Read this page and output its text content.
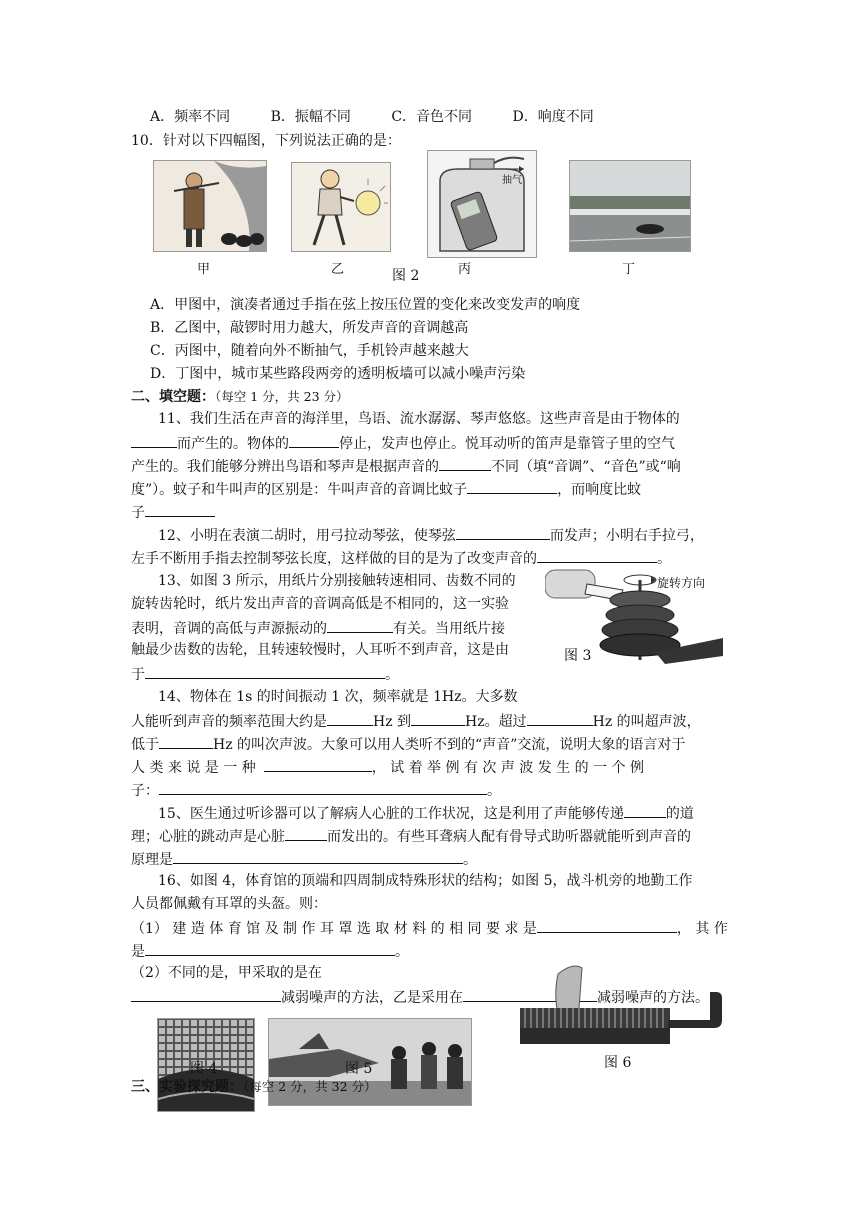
A．频率不同	B．振幅不同	C．音色不同	D．响度不同
10．针对以下四幅图，下列说法正确的是：
甲	乙
抽气
丙	丁
图 2
A．甲图中，演凑者通过手指在弦上按压位置的变化来改变发声的响度
B．乙图中，敲锣时用力越大，所发声音的音调越高
C．丙图中，随着向外不断抽气，手机铃声越来越大
D．丁图中，城市某些路段两旁的透明板墙可以减小噪声污染
二、填空题：（每空 1 分，共 23 分）
11、我们生活在声音的海洋里，鸟语、流水潺潺、琴声悠悠。这些声音是由于物体的
而产生的。物体的	停止，发声也停止。悦耳动听的笛声是靠管子里的空气
产生的。我们能够分辨出鸟语和琴声是根据声音的	不同（填“音调”、“音色”或“响
度”）。蚊子和牛叫声的区别是：牛叫声音的音调比蚊子	，而响度比蚊
子
12、小明在表演二胡时，用弓拉动琴弦，使琴弦	而发声；小明右手拉弓，
左手不断用手指去控制琴弦长度，这样做的目的是为了改变声音的	。
13、如图 3 所示，用纸片分别接触转速相同、齿数不同的
旋转齿轮时，纸片发出声音的音调高低是不相同的，这一实验
表明，音调的高低与声源振动的	有关。当用纸片接
触最少齿数的齿轮，且转速较慢时，人耳听不到声音，这是由
于	。
旋转方向
图 3
14、物体在 1s 的时间振动 1 次，频率就是 1Hz。大多数
人能听到声音的频率范围大约是	Hz 到	Hz。超过	Hz 的叫超声波，
低于	Hz 的叫次声波。大象可以用人类听不到的“声音”交流，说明大象的语言对于
人 类 来 说 是 一 种	， 试 着 举 例 有 次 声 波 发 生 的 一 个 例
子：	。
15、医生通过听诊器可以了解病人心脏的工作状况，这是利用了声能够传递	的道
理；心脏的跳动声是心脏	而发出的。有些耳聋病人配有骨导式助听器就能听到声音的
原理是	。
16、如图 4，体育馆的顶端和四周制成特殊形状的结构；如图 5，战斗机旁的地勤工作
人员都佩戴有耳罩的头盔。则：
（1） 建 造 体 育 馆 及 制 作 耳 罩 选 取 材 料 的 相 同 要 求 是	， 其 作
是	。
（2）不同的是，甲采取的是在
减弱噪声的方法，乙是采用在	减弱噪声的方法。
图 4	图 5	图 6
三、实验探究题：（每空 2 分，共 32 分）
